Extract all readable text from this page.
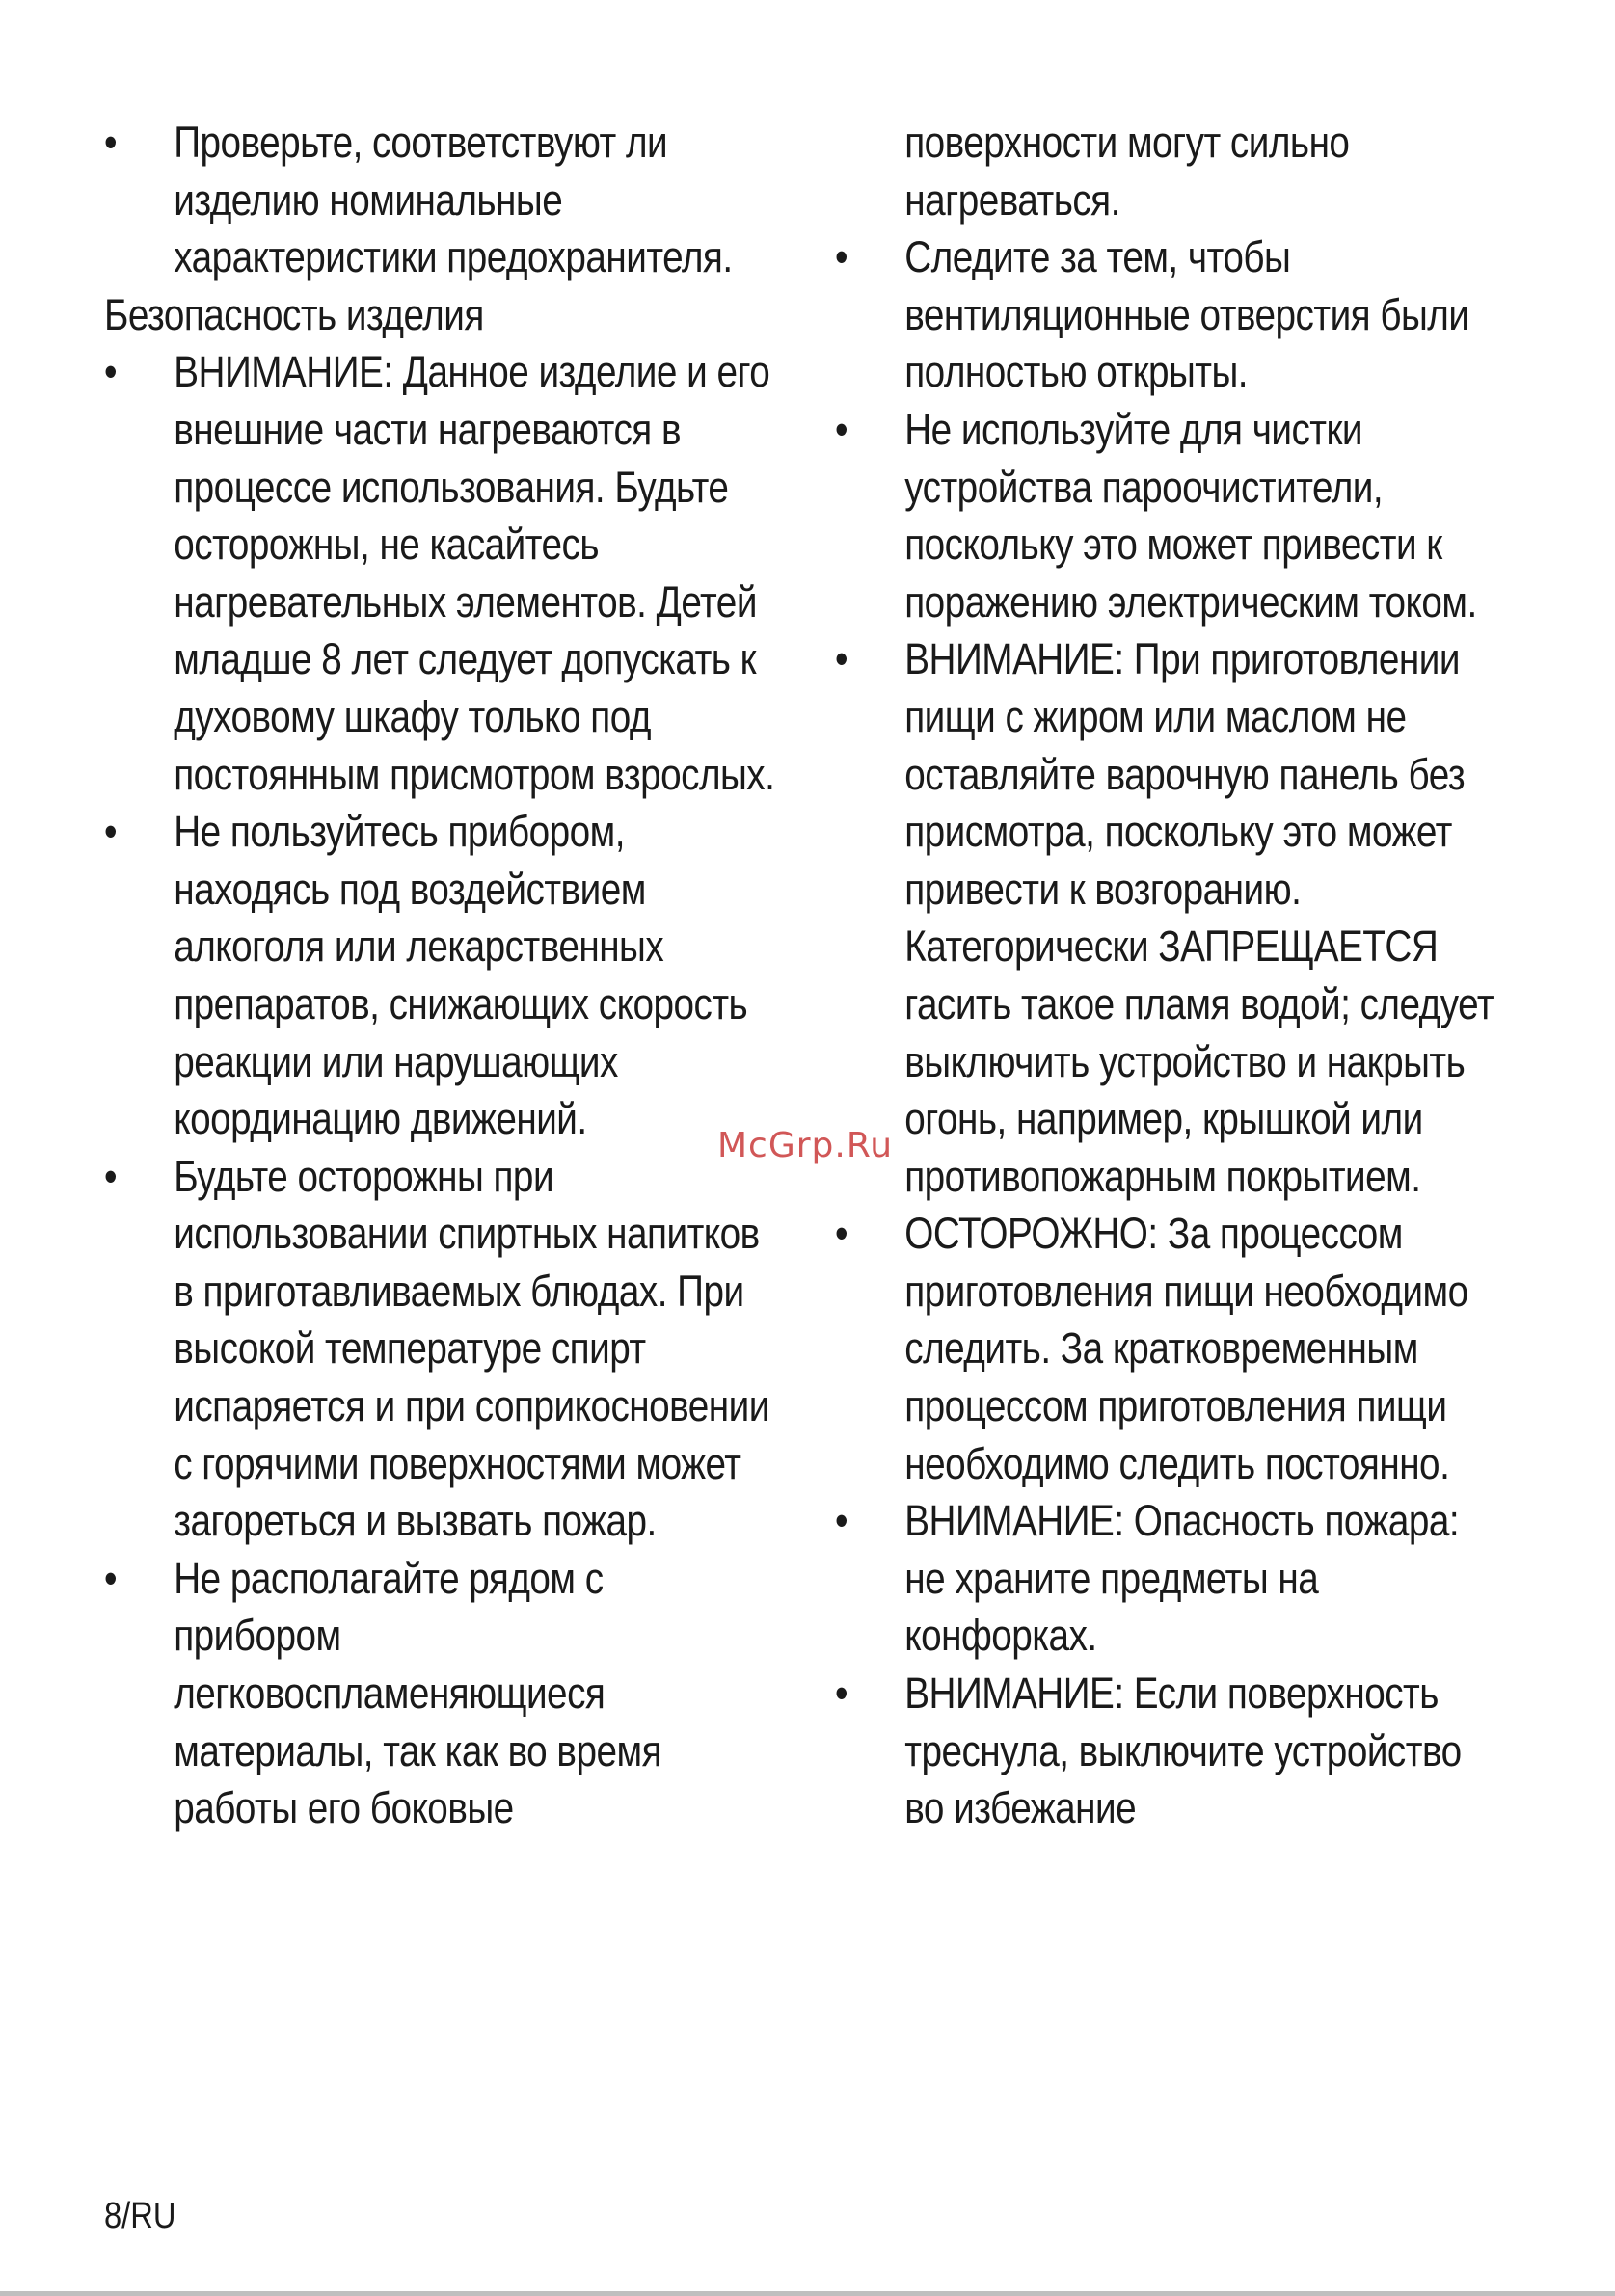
• Проверьте, соответствуют ли изделию номинальные характеристики предохранителя.
Безопасность изделия
• ВНИМАНИЕ: Данное изделие и его внешние части нагреваются в процессе использования. Будьте осторожны, не касайтесь нагревательных элементов. Детей младше 8 лет следует допускать к духовому шкафу только под постоянным присмотром взрослых.
• Не пользуйтесь прибором, находясь под воздействием алкоголя или лекарственных препаратов, снижающих скорость реакции или нарушающих координацию движений.
• Будьте осторожны при использовании спиртных напитков в приготавливаемых блюдах. При высокой температуре спирт испаряется и при соприкосновении с горячими поверхностями может загореться и вызвать пожар.
• Не располагайте рядом с прибором легковоспламеняющиеся материалы, так как во время работы его боковые
поверхности могут сильно нагреваться.
• Следите за тем, чтобы вентиляционные отверстия были полностью открыты.
• Не используйте для чистки устройства пароочистители, поскольку это может привести к поражению электрическим током.
• ВНИМАНИЕ: При приготовлении пищи с жиром или маслом не оставляйте варочную панель без присмотра, поскольку это может привести к возгоранию. Категорически ЗАПРЕЩАЕТСЯ гасить такое пламя водой; следует выключить устройство и накрыть огонь, например, крышкой или противопожарным покрытием.
• ОСТОРОЖНО: За процессом приготовления пищи необходимо следить. За кратковременным процессом приготовления пищи необходимо следить постоянно.
• ВНИМАНИЕ: Опасность пожара: не храните предметы на конфорках.
• ВНИМАНИЕ: Если поверхность треснула, выключите устройство во избежание
McGrp.Ru
8/RU
